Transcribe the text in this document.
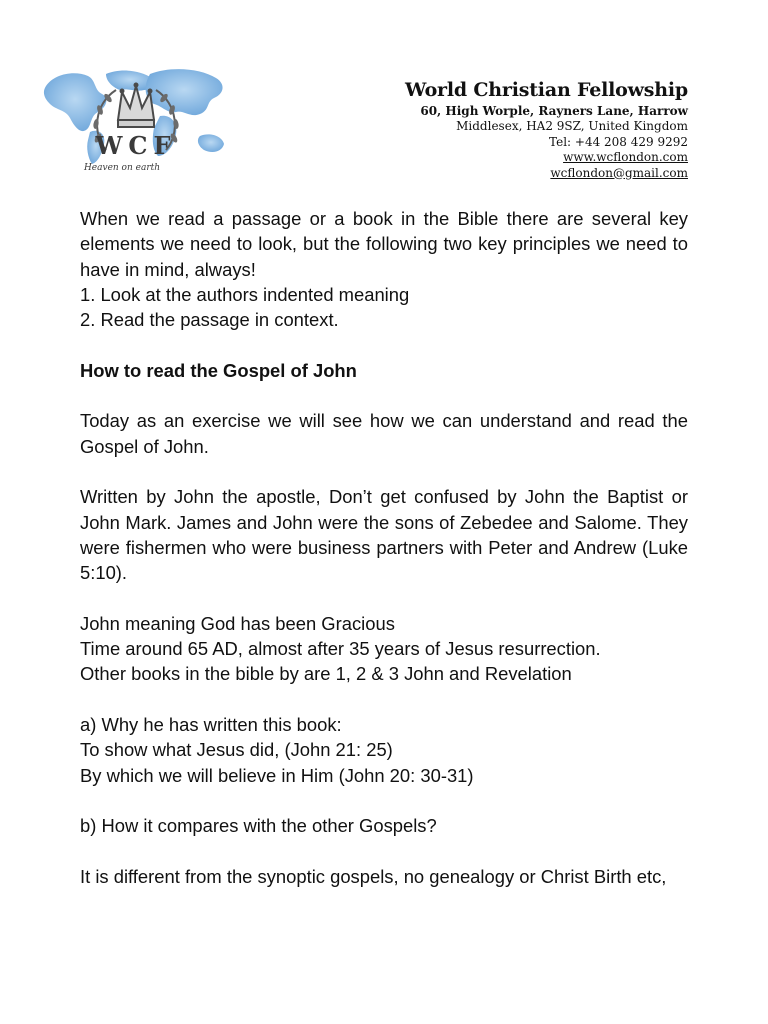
WCF
Heaven on earth
World Christian Fellowship
60, High Worple, Rayners Lane, Harrow
Middlesex, HA2 9SZ, United Kingdom
Tel: +44 208 429 9292
www.wcflondon.com
wcflondon@gmail.com

When we read a passage or a book in the Bible there are several key elements we need to look, but the following two key principles we need to have in mind, always!

1. Look at the authors indented meaning

2. Read the passage in context.

How to read the Gospel of John

Today as an exercise we will see how we can understand and read the Gospel of John.

Written by John the apostle, Don’t get confused by John the Baptist or John Mark. James and John were the sons of Zebedee and Salome. They were fishermen who were business partners with Peter and Andrew (Luke 5:10).

John meaning God has been Gracious

Time around 65 AD, almost after 35 years of Jesus resurrection.

Other books in the bible by are 1, 2 & 3 John and Revelation

a) Why he has written this book:

To show what Jesus did, (John 21: 25)

By which we will believe in Him (John 20: 30-31)

b) How it compares with the other Gospels?

It is different from the synoptic gospels, no genealogy or Christ Birth etc,
